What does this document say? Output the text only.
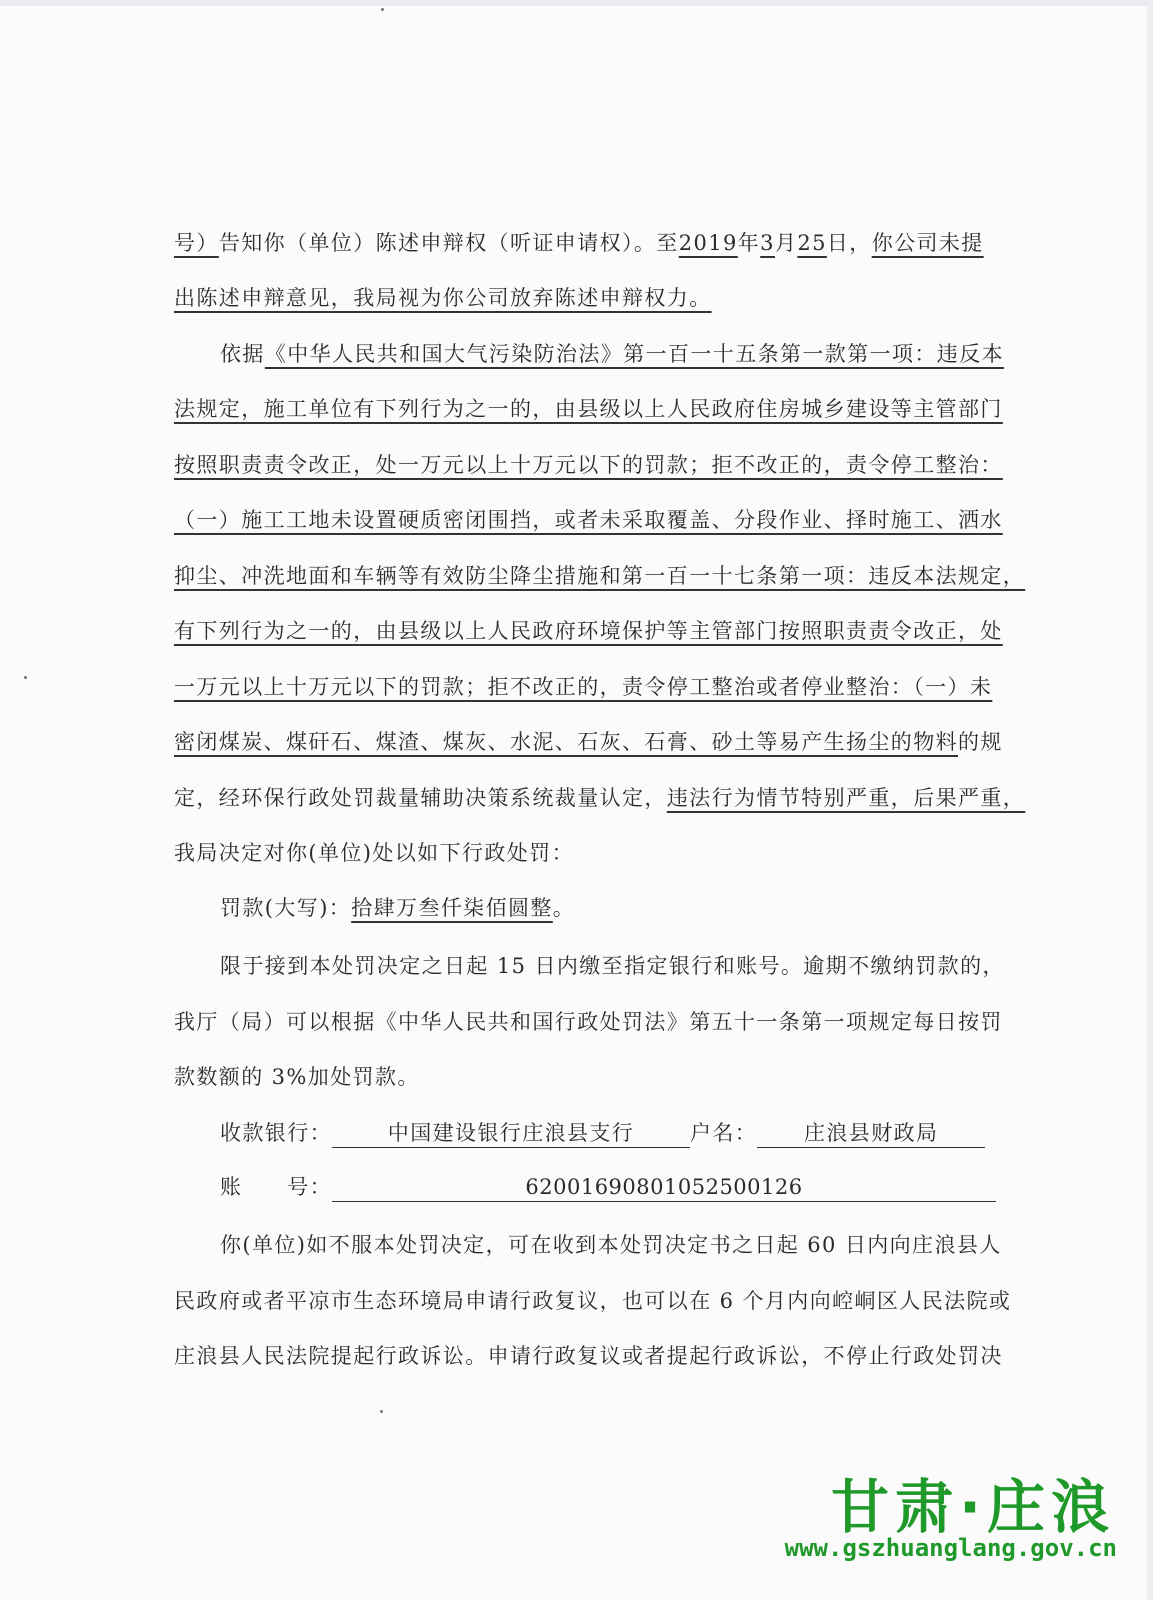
号）告知你（单位）陈述申辩权（听证申请权）。至2019年3月25日，你公司未提
出陈述申辩意见，我局视为你公司放弃陈述申辩权力。
依据《中华人民共和国大气污染防治法》第一百一十五条第一款第一项：违反本
法规定，施工单位有下列行为之一的，由县级以上人民政府住房城乡建设等主管部门
按照职责责令改正，处一万元以上十万元以下的罚款；拒不改正的，责令停工整治：
（一）施工工地未设置硬质密闭围挡，或者未采取覆盖、分段作业、择时施工、洒水
抑尘、冲洗地面和车辆等有效防尘降尘措施和第一百一十七条第一项：违反本法规定，
有下列行为之一的，由县级以上人民政府环境保护等主管部门按照职责责令改正，处
一万元以上十万元以下的罚款；拒不改正的，责令停工整治或者停业整治：（一）未
密闭煤炭、煤矸石、煤渣、煤灰、水泥、石灰、石膏、砂土等易产生扬尘的物料的规
定，经环保行政处罚裁量辅助决策系统裁量认定，违法行为情节特别严重，后果严重，
我局决定对你(单位)处以如下行政处罚：
罚款(大写)：拾肆万叁仟柒佰圆整。
限于接到本处罚决定之日起 15 日内缴至指定银行和账号。逾期不缴纳罚款的，
我厅（局）可以根据《中华人民共和国行政处罚法》第五十一条第一项规定每日按罚
款数额的 3%加处罚款。
收款银行：	中国建设银行庄浪县支行	户名： 庄浪县财政局
账　　号：	62001690801052500126
你(单位)如不服本处罚决定，可在收到本处罚决定书之日起 60 日内向庄浪县人
民政府或者平凉市生态环境局申请行政复议，也可以在 6 个月内向崆峒区人民法院或
庄浪县人民法院提起行政诉讼。申请行政复议或者提起行政诉讼，不停止行政处罚决
甘肃·庄浪
www.gszhuanglang.gov.cn
